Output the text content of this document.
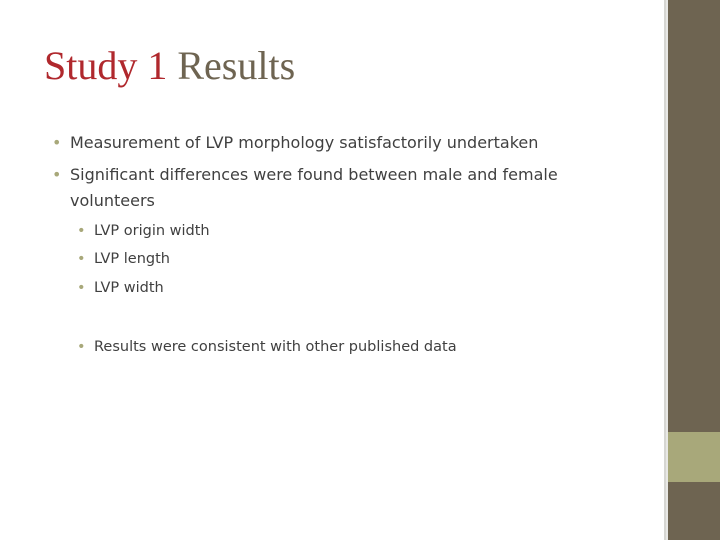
Study 1 Results
• Measurement of LVP morphology satisfactorily undertaken
• Significant differences were found between male and female volunteers
• LVP origin width
• LVP length
• LVP width
• Results were consistent with other published data
